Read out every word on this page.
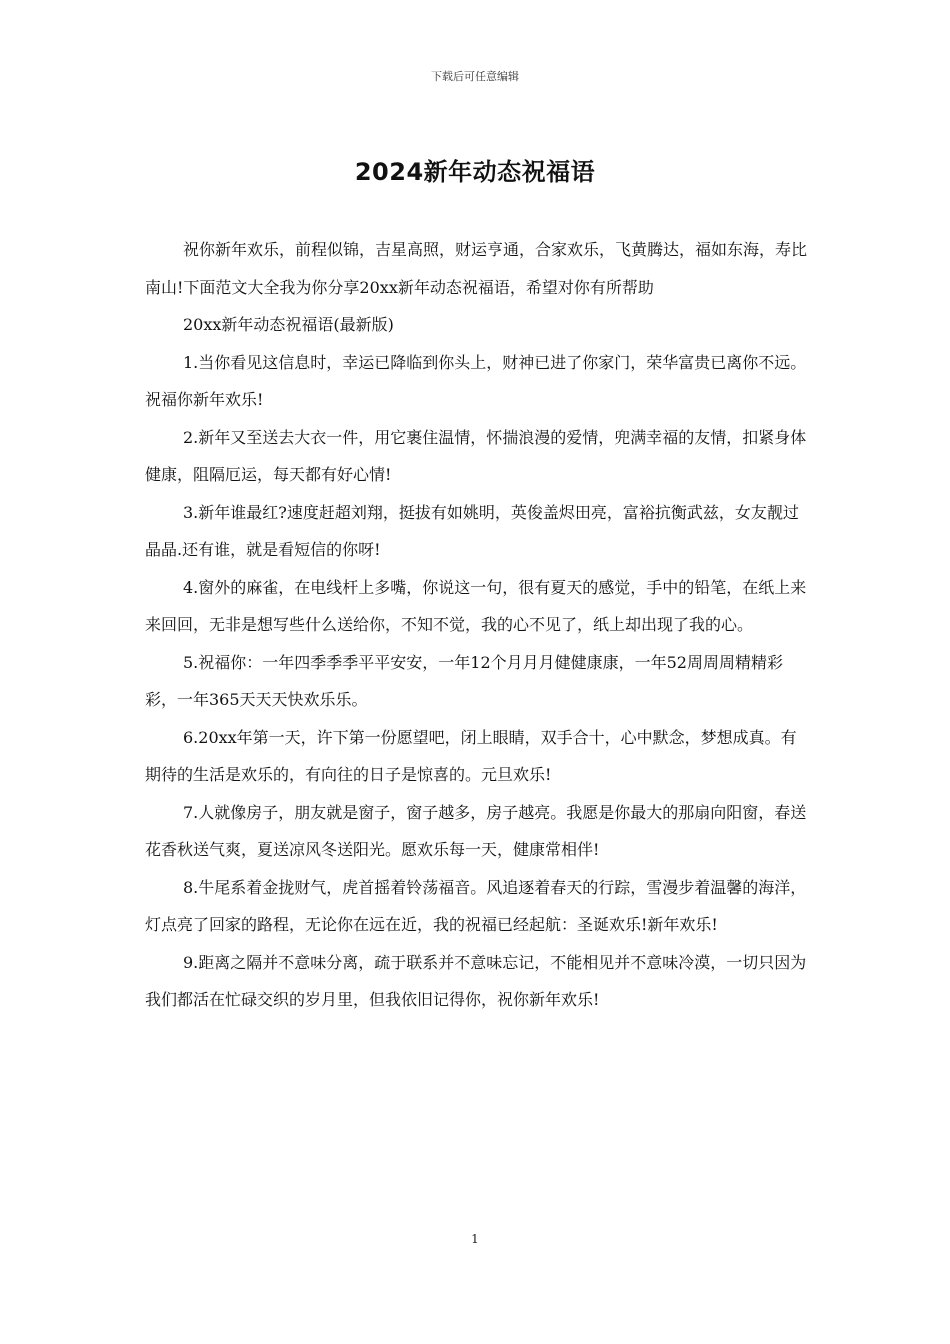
下载后可任意编辑
2024新年动态祝福语

祝你新年欢乐，前程似锦，吉星高照，财运亨通，合家欢乐，飞黄腾达，福如东海，寿比南山!下面范文大全我为你分享20xx新年动态祝福语，希望对你有所帮助

20xx新年动态祝福语(最新版)

1.当你看见这信息时，幸运已降临到你头上，财神已进了你家门，荣华富贵已离你不远。祝福你新年欢乐!

2.新年又至送去大衣一件，用它裹住温情，怀揣浪漫的爱情，兜满幸福的友情，扣紧身体健康，阻隔厄运，每天都有好心情!

3.新年谁最红?速度赶超刘翔，挺拔有如姚明，英俊盖烬田亮，富裕抗衡武兹，女友靓过晶晶.还有谁，就是看短信的你呀!

4.窗外的麻雀，在电线杆上多嘴，你说这一句，很有夏天的感觉，手中的铅笔，在纸上来来回回，无非是想写些什么送给你，不知不觉，我的心不见了，纸上却出现了我的心。

5.祝福你：一年四季季季平平安安，一年12个月月月健健康康，一年52周周周精精彩彩，一年365天天天快欢乐乐。

6.20xx年第一天，许下第一份愿望吧，闭上眼睛，双手合十，心中默念，梦想成真。有期待的生活是欢乐的，有向往的日子是惊喜的。元旦欢乐!

7.人就像房子，朋友就是窗子，窗子越多，房子越亮。我愿是你最大的那扇向阳窗，春送花香秋送气爽，夏送凉风冬送阳光。愿欢乐每一天，健康常相伴!

8.牛尾系着金拢财气，虎首摇着铃荡福音。风追逐着春天的行踪，雪漫步着温馨的海洋，灯点亮了回家的路程，无论你在远在近，我的祝福已经起航：圣诞欢乐!新年欢乐!

9.距离之隔并不意味分离，疏于联系并不意味忘记，不能相见并不意味冷漠，一切只因为我们都活在忙碌交织的岁月里，但我依旧记得你，祝你新年欢乐!

1
